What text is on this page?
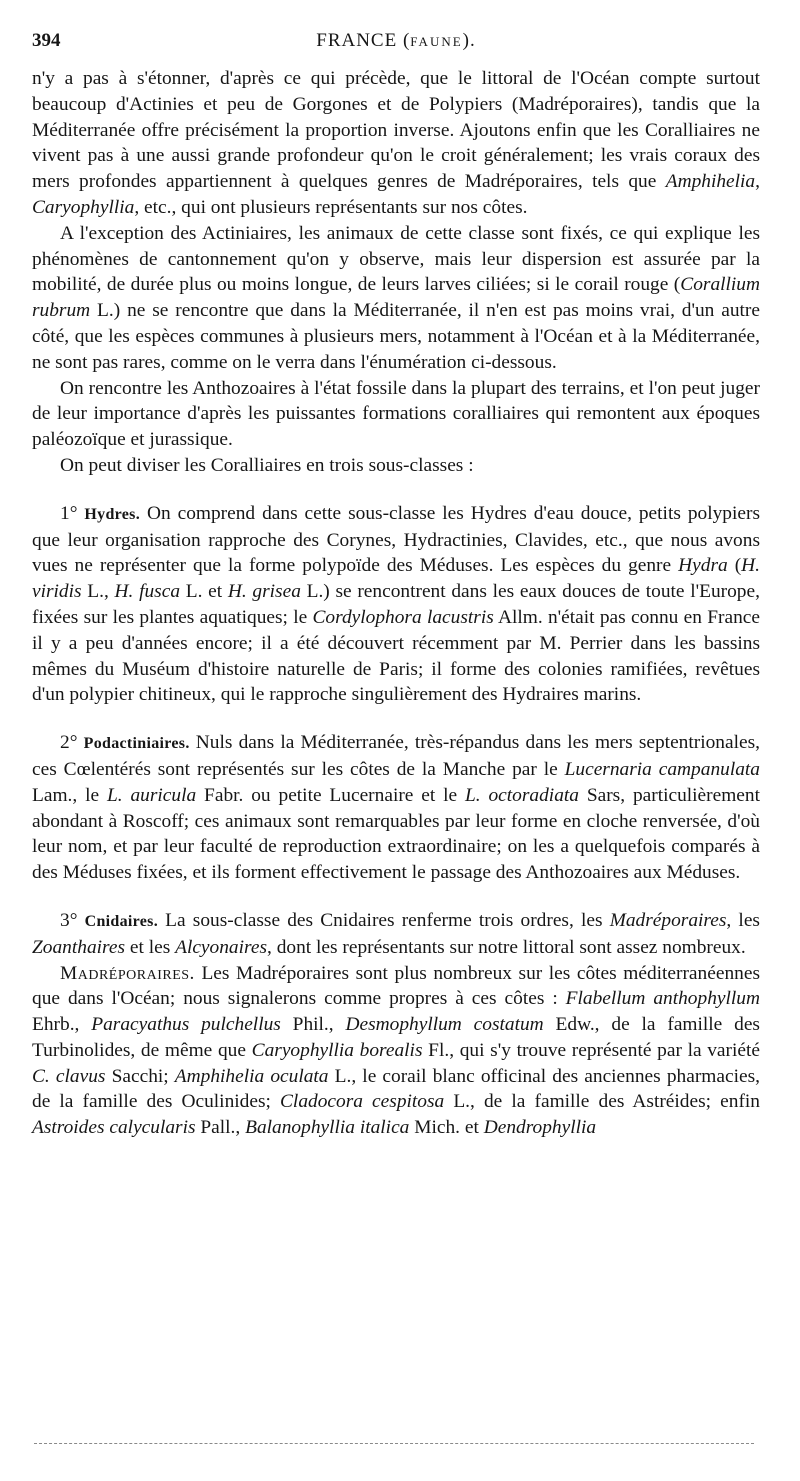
394	FRANCE (FAUNE).

n'y a pas à s'étonner, d'après ce qui précède, que le littoral de l'Océan compte surtout beaucoup d'Actinies et peu de Gorgones et de Polypiers (Madréporaires), tandis que la Méditerranée offre précisément la proportion inverse. Ajoutons enfin que les Coralliaires ne vivent pas à une aussi grande profondeur qu'on le croit généralement; les vrais coraux des mers profondes appartiennent à quelques genres de Madréporaires, tels que Amphihelia, Caryophyllia, etc., qui ont plusieurs représentants sur nos côtes.

A l'exception des Actiniaires, les animaux de cette classe sont fixés, ce qui explique les phénomènes de cantonnement qu'on y observe, mais leur dispersion est assurée par la mobilité, de durée plus ou moins longue, de leurs larves ciliées; si le corail rouge (Corallium rubrum L.) ne se rencontre que dans la Méditerranée, il n'en est pas moins vrai, d'un autre côté, que les espèces communes à plusieurs mers, notamment à l'Océan et à la Méditerranée, ne sont pas rares, comme on le verra dans l'énumération ci-dessous.

On rencontre les Anthozoaires à l'état fossile dans la plupart des terrains, et l'on peut juger de leur importance d'après les puissantes formations coralliaires qui remontent aux époques paléozoïque et jurassique.

On peut diviser les Coralliaires en trois sous-classes :

1° Hydres. On comprend dans cette sous-classe les Hydres d'eau douce, petits polypiers que leur organisation rapproche des Corynes, Hydractinies, Clavides, etc., que nous avons vues ne représenter que la forme polypoïde des Méduses. Les espèces du genre Hydra (H. viridis L., H. fusca L. et H. grisea L.) se rencontrent dans les eaux douces de toute l'Europe, fixées sur les plantes aquatiques; le Cordylophora lacustris Allm. n'était pas connu en France il y a peu d'années encore; il a été découvert récemment par M. Perrier dans les bassins mêmes du Muséum d'histoire naturelle de Paris; il forme des colonies ramifiées, revêtues d'un polypier chitineux, qui le rapproche singulièrement des Hydraires marins.

2° Podactiniaires. Nuls dans la Méditerranée, très-répandus dans les mers septentrionales, ces Cœlentérés sont représentés sur les côtes de la Manche par le Lucernaria campanulata Lam., le L. auricula Fabr. ou petite Lucernaire et le L. octoradiata Sars, particulièrement abondant à Roscoff; ces animaux sont remarquables par leur forme en cloche renversée, d'où leur nom, et par leur faculté de reproduction extraordinaire; on les a quelquefois comparés à des Méduses fixées, et ils forment effectivement le passage des Anthozoaires aux Méduses.

3° Cnidaires. La sous-classe des Cnidaires renferme trois ordres, les Madréporaires, les Zoanthaires et les Alcyonaires, dont les représentants sur notre littoral sont assez nombreux.

Madréporaires. Les Madréporaires sont plus nombreux sur les côtes méditerranéennes que dans l'Océan; nous signalerons comme propres à ces côtes : Flabellum anthophyllum Ehrb., Paracyathus pulchellus Phil., Desmophyllum costatum Edw., de la famille des Turbinolides, de même que Caryophyllia borealis Fl., qui s'y trouve représenté par la variété C. clavus Sacchi; Amphihelia oculata L., le corail blanc officinal des anciennes pharmacies, de la famille des Oculinides; Cladocora cespitosa L., de la famille des Astréides; enfin Astroides calycularis Pall., Balanophyllia italica Mich. et Dendrophyllia
